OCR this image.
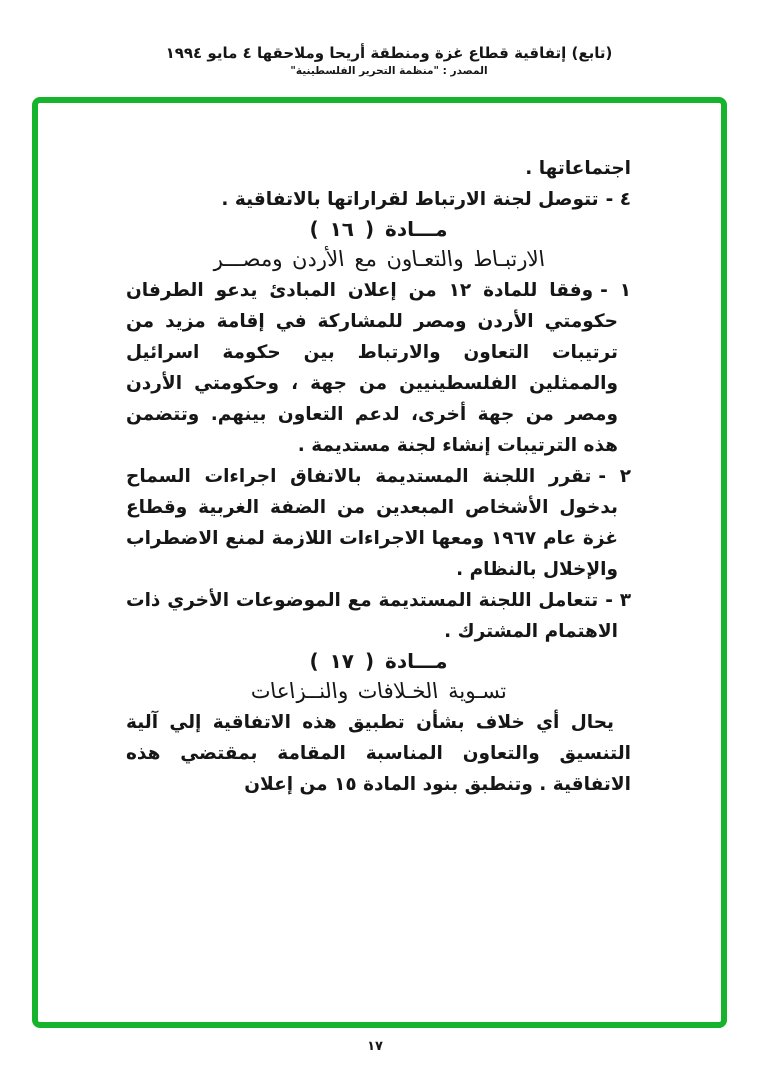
(تابع) إتفاقية قطاع غزة ومنطقة أريحا وملاحقها ٤ مايو ١٩٩٤
المصدر : "منظمة التحرير الفلسطينية"

اجتماعاتها .

٤ -تتوصل لجنة الارتباط لقراراتها بالاتفاقية .

مـــادة ( ١٦ )
الارتبـاط والتعـاون مع الأردن ومصـــر

١ -وفقا للمادة ١٢ من إعلان المبادئ يدعو الطرفان حكومتي الأردن ومصر للمشاركة في إقامة مزيد من ترتيبات التعاون والارتباط بين حكومة اسرائيل والممثلين الفلسطينيين من جهة ، وحكومتي الأردن ومصر من جهة أخرى، لدعم التعاون بينهم. وتتضمن هذه الترتيبات إنشاء لجنة مستديمة .

٢ -تقرر اللجنة المستديمة بالاتفاق اجراءات السماح بدخول الأشخاص المبعدين من الضفة الغربية وقطاع غزة عام ١٩٦٧ ومعها الاجراءات اللازمة لمنع الاضطراب والإخلال بالنظام .

٣ -تتعامل اللجنة المستديمة مع الموضوعات الأخري ذات الاهتمام المشترك .

مـــادة ( ١٧ )
تسـوية الخـلافات والنــزاعات

يحال أي خلاف بشأن تطبيق هذه الاتفاقية إلي آلية التنسيق والتعاون المناسبة المقامة بمقتضي هذه الاتفاقية . وتنطبق بنود المادة ١٥ من إعلان

١٧
